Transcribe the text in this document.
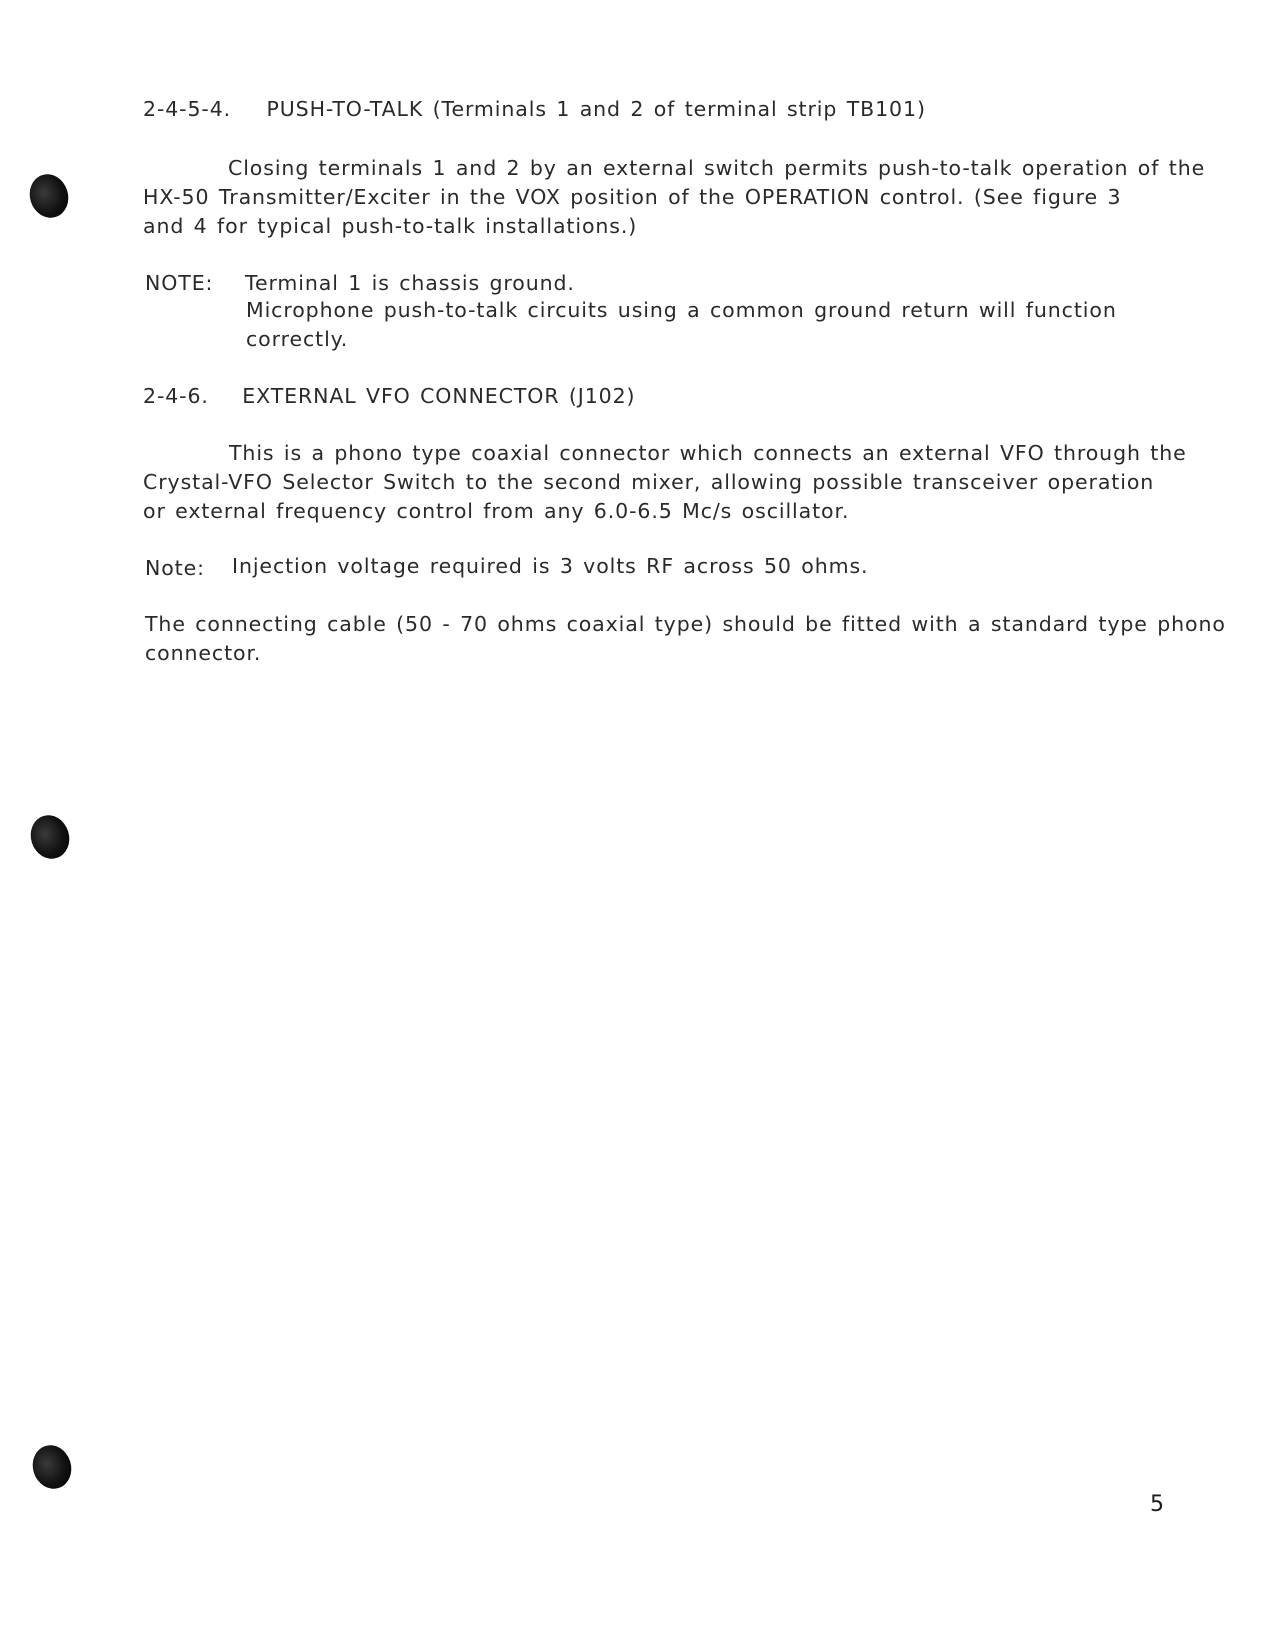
2-4-5-4. PUSH-TO-TALK (Terminals 1 and 2 of terminal strip TB101)
Closing terminals 1 and 2 by an external switch permits push-to-talk operation of the
HX-50 Transmitter/Exciter in the VOX position of the OPERATION control. (See figure 3
and 4 for typical push-to-talk installations.)
NOTE: Terminal 1 is chassis ground.
Microphone push-to-talk circuits using a common ground return will function
correctly.
2-4-6. EXTERNAL VFO CONNECTOR (J102)
This is a phono type coaxial connector which connects an external VFO through the
Crystal-VFO Selector Switch to the second mixer, allowing possible transceiver operation
or external frequency control from any 6.0-6.5 Mc/s oscillator.
Note: Injection voltage required is 3 volts RF across 50 ohms.
The connecting cable (50 - 70 ohms coaxial type) should be fitted with a standard type phono
connector.
5
